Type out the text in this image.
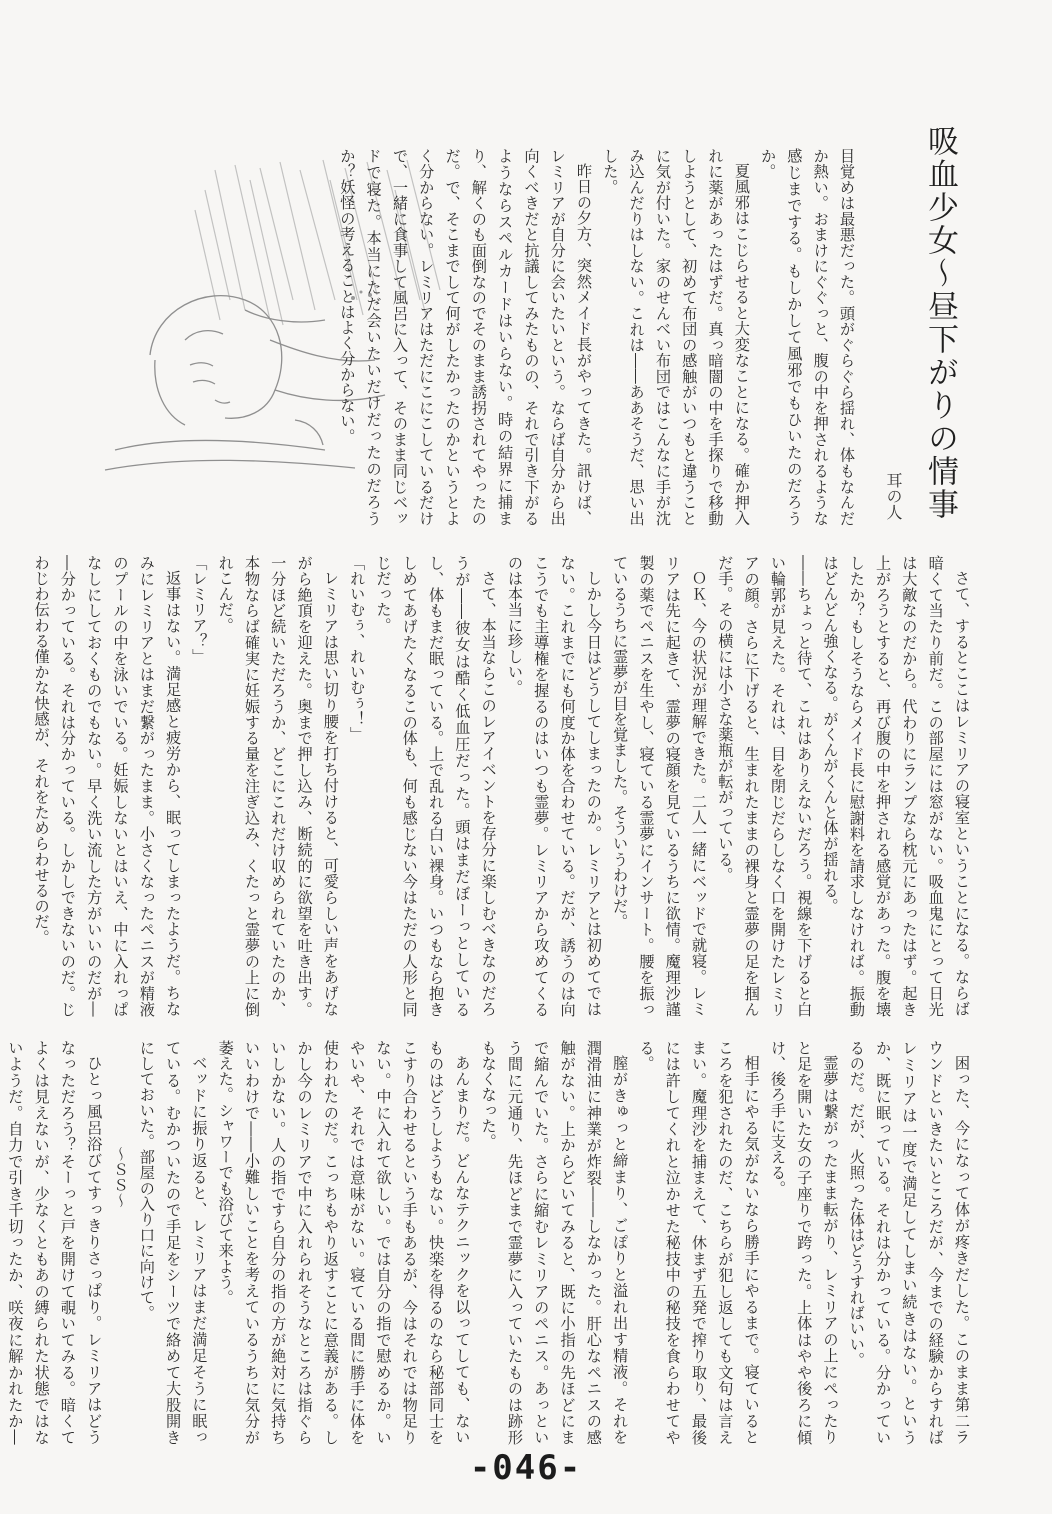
吸血少女～昼下がりの情事
耳の人

目覚めは最悪だった。頭がぐらぐら揺れ、体もなんだか熱い。おまけにぐぐっと、腹の中を押されるような感じまでする。もしかして風邪でもひいたのだろうか。

夏風邪はこじらせると大変なことになる。確か押入れに薬があったはずだ。真っ暗闇の中を手探りで移動しようとして、初めて布団の感触がいつもと違うことに気が付いた。家のせんべい布団ではこんなに手が沈み込んだりはしない。これは――ああそうだ、思い出した。

昨日の夕方、突然メイド長がやってきた。訊けば、レミリアが自分に会いたいという。ならば自分から出向くべきだと抗議してみたものの、それで引き下がるようならスペルカードはいらない。時の結界に捕まり、解くのも面倒なのでそのまま誘拐されてやったのだ。で、そこまでして何がしたかったのかというとよく分からない。レミリアはただにこにこしているだけで、一緒に食事して風呂に入って、そのまま同じベッドで寝た。本当にただ会いたいだけだったのだろうか？妖怪の考えることはよく分からない。

さて、するとここはレミリアの寝室ということになる。ならば暗くて当たり前だ。この部屋には窓がない。吸血鬼にとって日光は大敵なのだから。代わりにランプなら枕元にあったはず。起き上がろうとすると、再び腹の中を押される感覚があった。腹を壊したか？もしそうならメイド長に慰謝料を請求しなければ。振動はどんどん強くなる。がくんがくんと体が揺れる。

――ちょっと待て、これはありえないだろう。視線を下げると白い輪郭が見えた。それは、目を閉じだらしなく口を開けたレミリアの顔。さらに下げると、生まれたままの裸身と霊夢の足を掴んだ手。その横には小さな薬瓶が転がっている。

ＯＫ、今の状況が理解できた。二人一緒にベッドで就寝。レミリアは先に起きて、霊夢の寝顔を見ているうちに欲情。魔理沙謹製の薬でペニスを生やし、寝ている霊夢にインサート。腰を振っているうちに霊夢が目を覚ました。そういうわけだ。

しかし今日はどうしてしまったのか。レミリアとは初めてではない。これまでにも何度か体を合わせている。だが、誘うのは向こうでも主導権を握るのはいつも霊夢。レミリアから攻めてくるのは本当に珍しい。

さて、本当ならこのレアイベントを存分に楽しむべきなのだろうが――彼女は酷く低血圧だった。頭はまだぼーっとしているし、体もまだ眠っている。上で乱れる白い裸身。いつもなら抱きしめてあげたくなるこの体も、何も感じない今はただの人形と同じだった。

「れいむぅ、れいむぅ！」

レミリアは思い切り腰を打ち付けると、可愛らしい声をあげながら絶頂を迎えた。奥まで押し込み、断続的に欲望を吐き出す。一分ほど続いただろうか、どこにこれだけ収められていたのか、本物ならば確実に妊娠する量を注ぎ込み、くたっと霊夢の上に倒れこんだ。

「レミリア？」

返事はない。満足感と疲労から、眠ってしまったようだ。ちなみにレミリアとはまだ繋がったまま。小さくなったペニスが精液のプールの中を泳いでいる。妊娠しないとはいえ、中に入れっぱなしにしておくものでもない。早く洗い流した方がいいのだが――分かっている。それは分かっている。しかしできないのだ。じわじわ伝わる僅かな快感が、それをためらわせるのだ。

困った、今になって体が疼きだした。このまま第二ラウンドといきたいところだが、今までの経験からすればレミリアは一度で満足してしまい続きはない。というか、既に眠っている。それは分かっている。分かっているのだ。だが、火照った体はどうすればいい。

霊夢は繋がったまま転がり、レミリアの上にぺったりと足を開いた女の子座りで跨った。上体はやや後ろに傾け、後ろ手に支える。

相手にやる気がないなら勝手にやるまで。寝ているところを犯されたのだ、こちらが犯し返しても文句は言えまい。魔理沙を捕まえて、休まず五発で搾り取り、最後には許してくれと泣かせた秘技中の秘技を食らわせてやる。

膣がきゅっと締まり、ごぽりと溢れ出す精液。それを潤滑油に神業が炸裂――しなかった。肝心なペニスの感触がない。上からどいてみると、既に小指の先ほどにまで縮んでいた。さらに縮むレミリアのペニス。あっという間に元通り、先ほどまで霊夢に入っていたものは跡形もなくなった。

あんまりだ。どんなテクニックを以ってしても、ないものはどうしようもない。快楽を得るのなら秘部同士をこすり合わせるという手もあるが、今はそれでは物足りない。中に入れて欲しい。では自分の指で慰めるか。いやいや、それでは意味がない。寝ている間に勝手に体を使われたのだ。こっちもやり返すことに意義がある。しかし今のレミリアで中に入れられそうなところは指ぐらいしかない。人の指ですら自分の指の方が絶対に気持ちいいわけで――小難しいことを考えているうちに気分が萎えた。シャワーでも浴びて来よう。

ベッドに振り返ると、レミリアはまだ満足そうに眠っている。むかついたので手足をシーツで絡めて大股開きにしておいた。部屋の入り口に向けて。

～ＳＳ～

ひとっ風呂浴びてすっきりさっぱり。レミリアはどうなっただろう？そーっと戸を開けて覗いてみる。暗くてよくは見えないが、少なくともあの縛られた状態ではないようだ。自力で引き千切ったか、咲夜に解かれたか―

-046-
